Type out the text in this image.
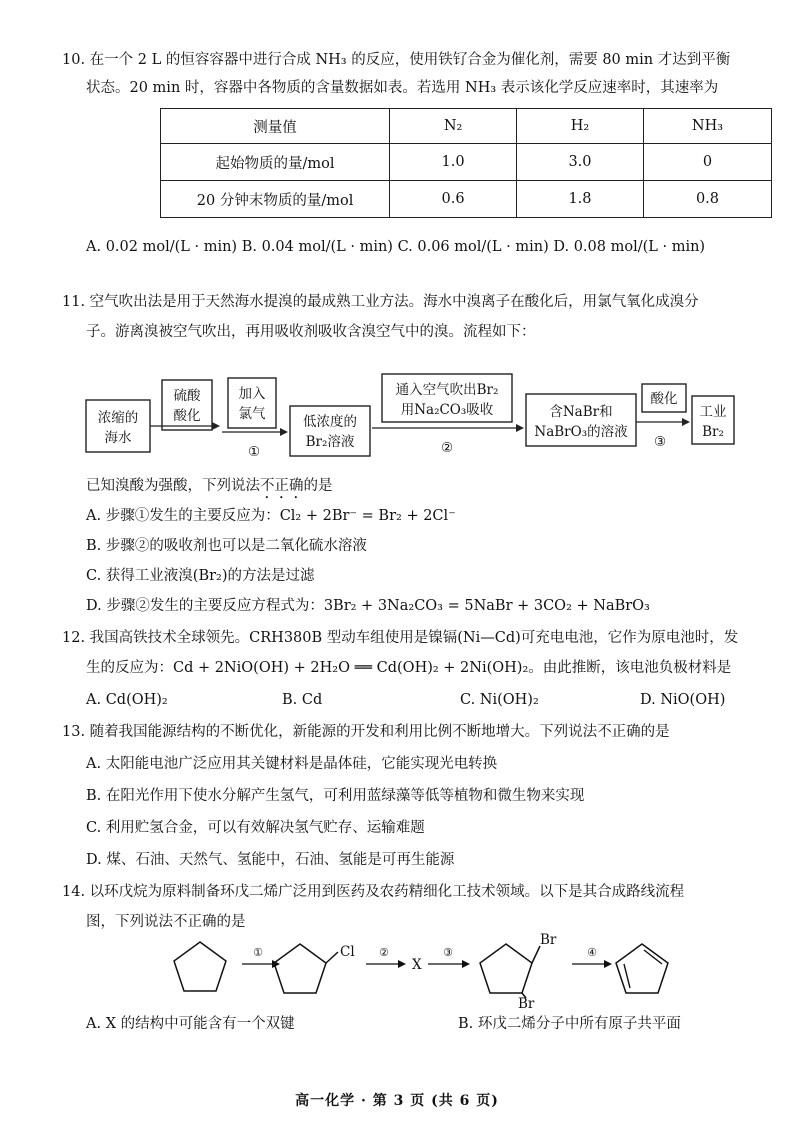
10. 在一个 2 L 的恒容容器中进行合成 NH₃ 的反应，使用铁钌合金为催化剂，需要 80 min 才达到平衡
状态。20 min 时，容器中各物质的含量数据如表。若选用 NH₃ 表示该化学反应速率时，其速率为
测量值	N₂	H₂	NH₃
起始物质的量/mol	1.0	3.0	0
20 分钟末物质的量/mol	0.6	1.8	0.8
A. 0.02 mol/(L · min) B. 0.04 mol/(L · min) C. 0.06 mol/(L · min) D. 0.08 mol/(L · min)
11. 空气吹出法是用于天然海水提溴的最成熟工业方法。海水中溴离子在酸化后，用氯气氧化成溴分
子。游离溴被空气吹出，再用吸收剂吸收含溴空气中的溴。流程如下：
浓缩的
海水
硫酸
酸化
加入
氯气
①
低浓度的
Br₂溶液
通入空气吹出Br₂
用Na₂CO₃吸收
②
含NaBr和
NaBrO₃的溶液
酸化
③
工业
Br₂
已知溴酸为强酸，下列说法不正确的是
A. 步骤①发生的主要反应为：Cl₂ + 2Br⁻ = Br₂ + 2Cl⁻
B. 步骤②的吸收剂也可以是二氧化硫水溶液
C. 获得工业液溴(Br₂)的方法是过滤
D. 步骤②发生的主要反应方程式为：3Br₂ + 3Na₂CO₃ = 5NaBr + 3CO₂ + NaBrO₃
12. 我国高铁技术全球领先。CRH380B 型动车组使用是镍镉(Ni—Cd)可充电电池，它作为原电池时，发
生的反应为：Cd + 2NiO(OH) + 2H₂O ══ Cd(OH)₂ + 2Ni(OH)₂。由此推断，该电池负极材料是
A. Cd(OH)₂	B. Cd	C. Ni(OH)₂	D. NiO(OH)
13. 随着我国能源结构的不断优化，新能源的开发和利用比例不断地增大。下列说法不正确的是
A. 太阳能电池广泛应用其关键材料是晶体硅，它能实现光电转换
B. 在阳光作用下使水分解产生氢气，可利用蓝绿藻等低等植物和微生物来实现
C. 利用贮氢合金，可以有效解决氢气贮存、运输难题
D. 煤、石油、天然气、氢能中，石油、氢能是可再生能源
14. 以环戊烷为原料制备环戊二烯广泛用到医药及农药精细化工技术领域。以下是其合成路线流程
图，下列说法不正确的是
①	Cl ②
X
③
Br
Br
④
A. X 的结构中可能含有一个双键	B. 环戊二烯分子中所有原子共平面
高一化学 · 第 3 页 (共 6 页)
